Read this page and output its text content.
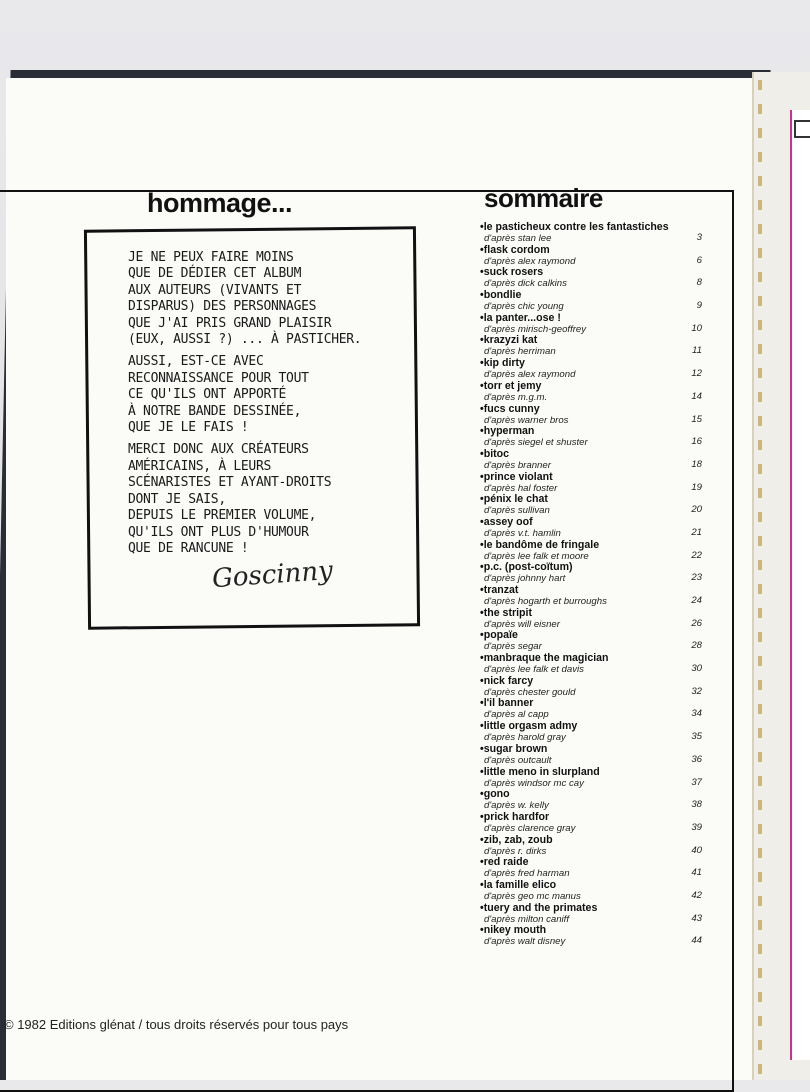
hommage...

JE NE PEUX FAIRE MOINS
QUE DE DÉDIER CET ALBUM
AUX AUTEURS (VIVANTS ET
DISPARUS) DES PERSONNAGES
QUE J'AI PRIS GRAND PLAISIR
(EUX, AUSSI ?) ... À PASTICHER.

AUSSI, EST-CE AVEC
RECONNAISSANCE POUR TOUT
CE QU'ILS ONT APPORTÉ
À NOTRE BANDE DESSINÉE,
QUE JE LE FAIS !

MERCI DONC AUX CRÉATEURS
AMÉRICAINS, À LEURS
SCÉNARISTES ET AYANT-DROITS
DONT JE SAIS,
DEPUIS LE PREMIER VOLUME,
QU'ILS ONT PLUS D'HUMOUR
QUE DE RANCUNE !

Goscinny
sommaire
• le pasticheux contre les fantastiches
d'après stan lee	3
• flask cordom
d'après alex raymond	6
• suck rosers
d'après dick calkins	8
• bondlie
d'après chic young	9
• la panter...ose !
d'après mirisch-geoffrey	10
• krazyzi kat
d'après herriman	11
• kip dirty
d'après alex raymond	12
• torr et jemy
d'après m.g.m.	14
• fucs cunny
d'après warner bros	15
• hyperman
d'après siegel et shuster	16
• bitoc
d'après branner	18
• prince violant
d'après hal foster	19
• pénix le chat
d'après sullivan	20
• assey oof
d'après v.t. hamlin	21
• le bandôme de fringale
d'après lee falk et moore	22
• p.c. (post-coïtum)
d'après johnny hart	23
• tranzat
d'après hogarth et burroughs	24
• the stripit
d'après will eisner	26
• popaïe
d'après segar	28
• manbraque the magician
d'après lee falk et davis	30
• nick farcy
d'après chester gould	32
• l'il banner
d'après al capp	34
• little orgasm admy
d'après harold gray	35
• sugar brown
d'après outcault	36
• little meno in slurpland
d'après windsor mc cay	37
• gono
d'après w. kelly	38
• prick hardfor
d'après clarence gray	39
• zib, zab, zoub
d'après r. dirks	40
• red raide
d'après fred harman	41
• la famille elico
d'après geo mc manus	42
• tuery and the primates
d'après milton caniff	43
• nikey mouth
d'après walt disney	44
© 1982 Editions glénat / tous droits réservés pour tous pays
